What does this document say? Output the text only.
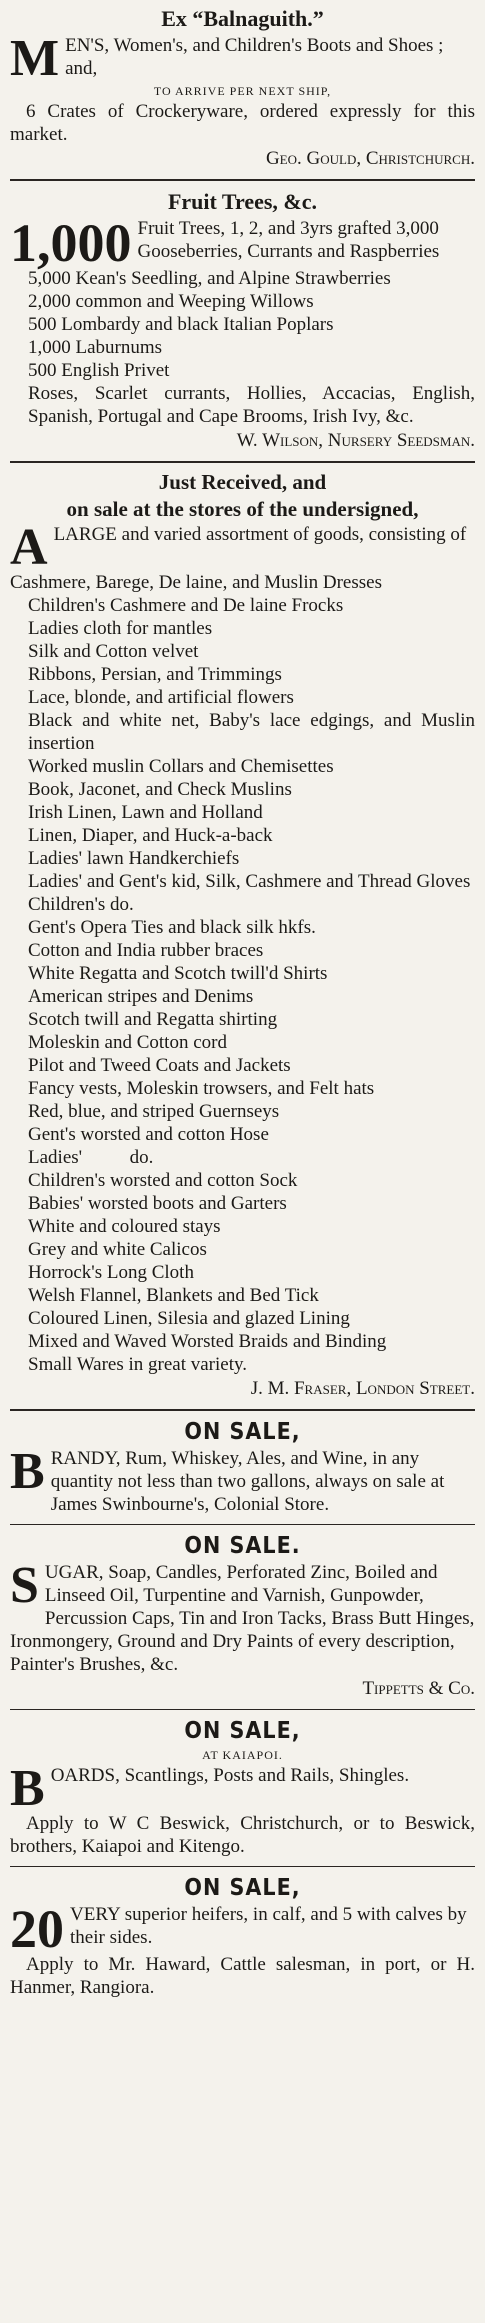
Ex “Balnaguith.”
M EN'S, Women's, and Children's Boots and Shoes ; and,
TO ARRIVE PER NEXT SHIP,
6 Crates of Crockeryware, ordered expressly for this market.
Geo. Gould, Christchurch.
Fruit Trees, &c.
1,000 Fruit Trees, 1, 2, and 3yrs grafted 3,000 Gooseberries, Currants and Raspberries
5,000 Kean's Seedling, and Alpine Strawberries
2,000 common and Weeping Willows
500 Lombardy and black Italian Poplars
1,000 Laburnums
500 English Privet
Roses, Scarlet currants, Hollies, Accacias, English, Spanish, Portugal and Cape Brooms, Irish Ivy, &c.
W. Wilson, Nursery Seedsman.
Just Received, and
on sale at the stores of the undersigned,
A LARGE and varied assortment of goods, consisting of
Cashmere, Barege, De laine, and Muslin Dresses
Children's Cashmere and De laine Frocks
Ladies cloth for mantles
Silk and Cotton velvet
Ribbons, Persian, and Trimmings
Lace, blonde, and artificial flowers
Black and white net, Baby's lace edgings, and Muslin insertion
Worked muslin Collars and Chemisettes
Book, Jaconet, and Check Muslins
Irish Linen, Lawn and Holland
Linen, Diaper, and Huck-a-back
Ladies' lawn Handkerchiefs
Ladies' and Gent's kid, Silk, Cashmere and Thread Gloves
Children's do.
Gent's Opera Ties and black silk hkfs.
Cotton and India rubber braces
White Regatta and Scotch twill'd Shirts
American stripes and Denims
Scotch twill and Regatta shirting
Moleskin and Cotton cord
Pilot and Tweed Coats and Jackets
Fancy vests, Moleskin trowsers, and Felt hats
Red, blue, and striped Guernseys
Gent's worsted and cotton Hose
Ladies'          do.
Children's worsted and cotton Sock
Babies' worsted boots and Garters
White and coloured stays
Grey and white Calicos
Horrock's Long Cloth
Welsh Flannel, Blankets and Bed Tick
Coloured Linen, Silesia and glazed Lining
Mixed and Waved Worsted Braids and Binding
Small Wares in great variety.
J. M. Fraser, London Street.
ON SALE,
B RANDY, Rum, Whiskey, Ales, and Wine, in any quantity not less than two gallons, always on sale at James Swinbourne's, Colonial Store.
ON SALE.
S UGAR, Soap, Candles, Perforated Zinc, Boiled and Linseed Oil, Turpentine and Varnish, Gunpowder, Percussion Caps, Tin and Iron Tacks, Brass Butt Hinges, Ironmongery, Ground and Dry Paints of every description, Painter's Brushes, &c.
Tippetts & Co.
ON SALE,
AT KAIAPOI.
B OARDS, Scantlings, Posts and Rails, Shingles.
Apply to W C Beswick, Christchurch, or to Beswick, brothers, Kaiapoi and Kitengo.
ON SALE,
20 VERY superior heifers, in calf, and 5 with calves by their sides.
Apply to Mr. Haward, Cattle salesman, in port, or H. Hanmer, Rangiora.
